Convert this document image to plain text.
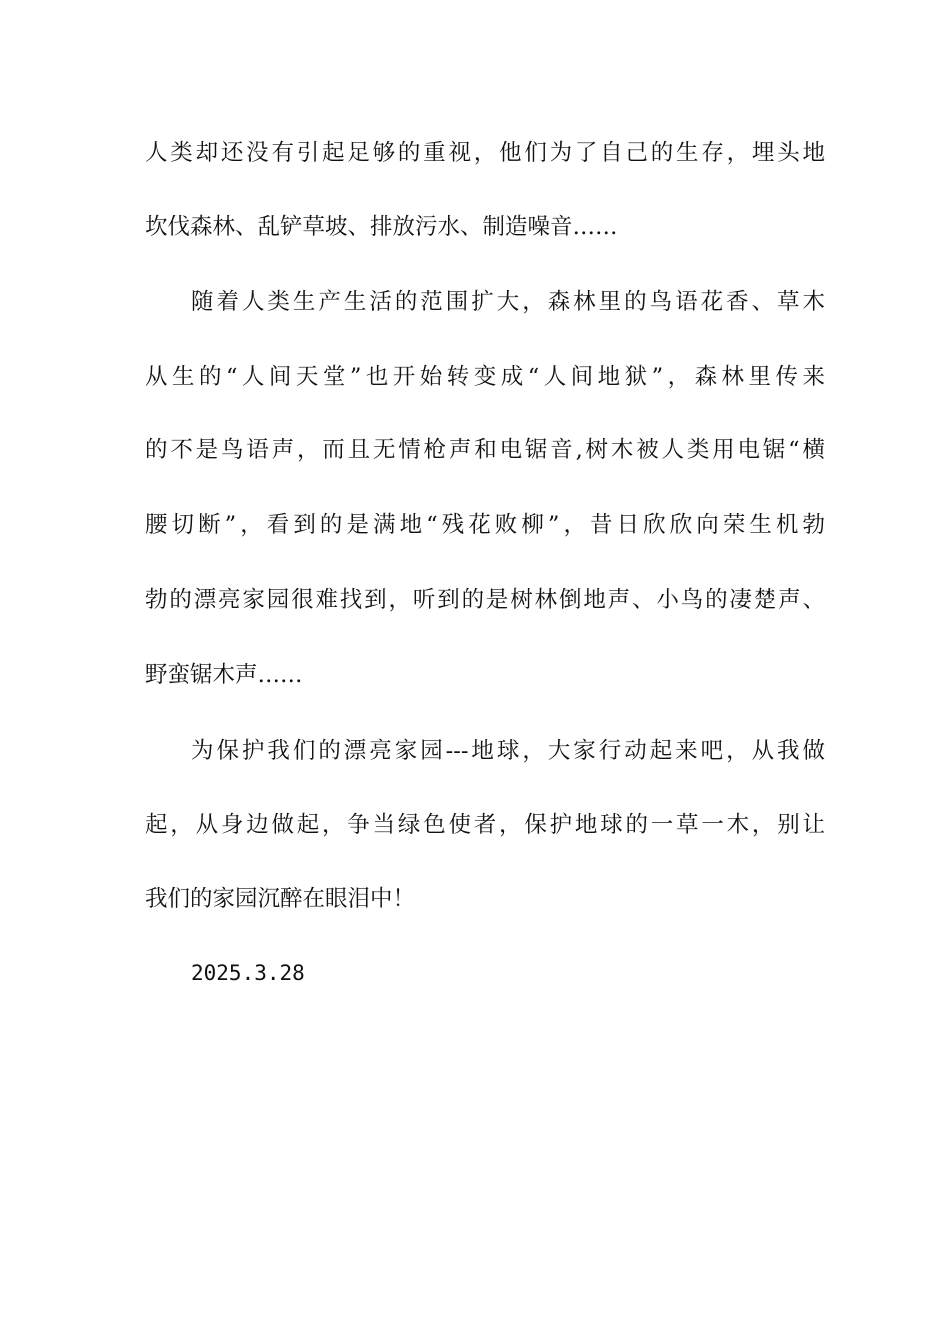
人类却还没有引起足够的重视，他们为了自己的生存，埋头地
坎伐森林、乱铲草坡、排放污水、制造噪音……
随着人类生产生活的范围扩大，森林里的鸟语花香、草木
从生的“人间天堂”也开始转变成“人间地狱”，森林里传来
的不是鸟语声，而且无情枪声和电锯音,树木被人类用电锯“横
腰切断”，看到的是满地“残花败柳”，昔日欣欣向荣生机勃
勃的漂亮家园很难找到，听到的是树林倒地声、小鸟的凄楚声、
野蛮锯木声……
为保护我们的漂亮家园---地球，大家行动起来吧，从我做
起，从身边做起，争当绿色使者，保护地球的一草一木，别让
我们的家园沉醉在眼泪中！
2025.3.28
